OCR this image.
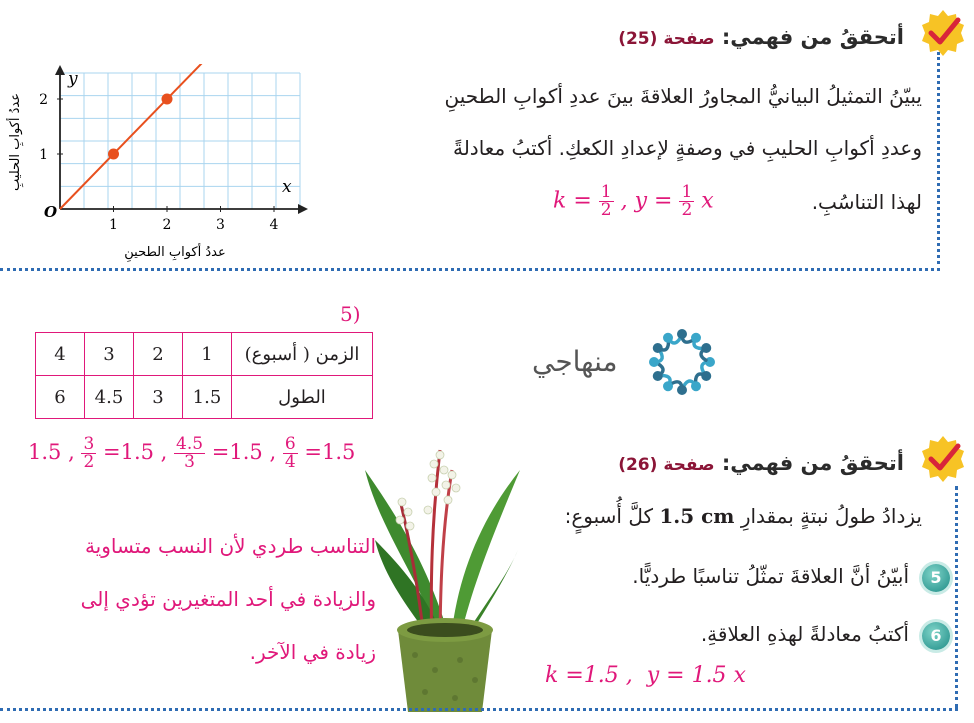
أتحققُ من فهمي: صفحة (25)
يبيّنُ التمثيلُ البيانيُّ المجاورُ العلاقةَ بينَ عددِ أكوابِ الطحينِ
وعددِ أكوابِ الحليبِ في وصفةٍ لإعدادِ الكعكِ. أكتبُ معادلةً
لهذا التناسُبِ.
$k = \frac{1}{2}$ , $y = \frac{1}{2}$ x
1	2	3	4
1
2
y
x
O
عددُ أكوابِ الطحينِ
عددُ أكوابِ الحليبِ
منهاجي
5)
الزمن ( أسبوع)	1	2	3	4
الطول	1.5	3	4.5	6
1.5 , $\frac{3}{2} =1.5$ , $\frac{4.5}{3} =1.5$ , $\frac{6}{4} =1.5$
التناسب طردي لأن النسب متساوية
والزيادة في أحد المتغيرين تؤدي إلى
زيادة في الآخر.
أتحققُ من فهمي: صفحة (26)
يزدادُ طولُ نبتةٍ بمقدارِ 1.5 cm كلَّ أُسبوعٍ:
5
أبيّنُ أنَّ العلاقةَ تمثّلُ تناسبًا طرديًّا.
6
أكتبُ معادلةً لهذهِ العلاقةِ.
k =1.5 ,  y = 1.5 x
